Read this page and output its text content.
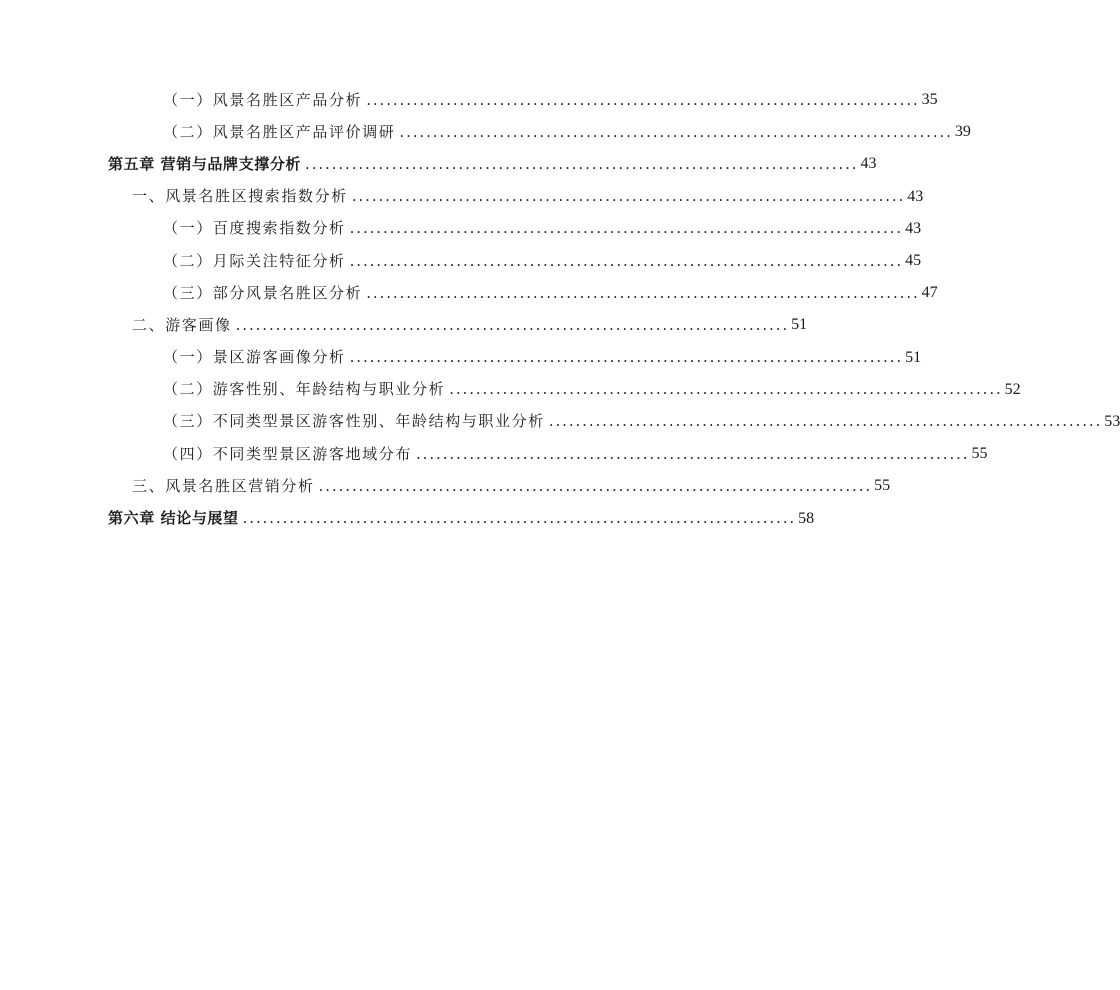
（一）风景名胜区产品分析 ................................................................................... 35
（二）风景名胜区产品评价调研 ................................................................................... 39
第五章 营销与品牌支撑分析 ................................................................................... 43
一、风景名胜区搜索指数分析 ................................................................................... 43
（一）百度搜索指数分析 ................................................................................... 43
（二）月际关注特征分析 ................................................................................... 45
（三）部分风景名胜区分析 ................................................................................... 47
二、游客画像 ................................................................................... 51
（一）景区游客画像分析 ................................................................................... 51
（二）游客性别、年龄结构与职业分析 ................................................................................... 52
（三）不同类型景区游客性别、年龄结构与职业分析 ................................................................................... 53
（四）不同类型景区游客地域分布 ................................................................................... 55
三、风景名胜区营销分析 ................................................................................... 55
第六章 结论与展望 ................................................................................... 58
